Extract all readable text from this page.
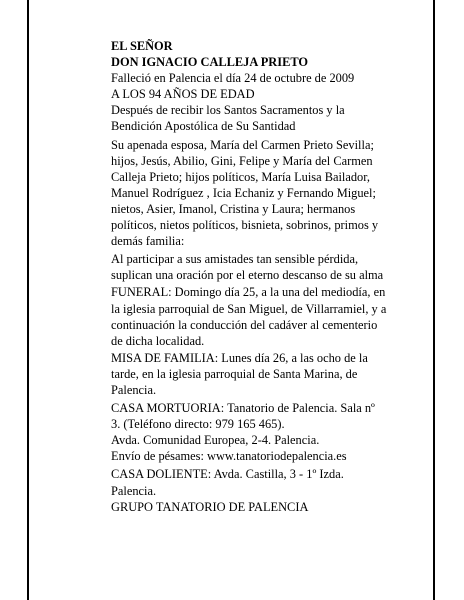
EL SEÑOR

DON IGNACIO CALLEJA PRIETO

Falleció en Palencia el día 24 de octubre de 2009

A LOS 94 AÑOS DE EDAD

Después de recibir los Santos Sacramentos y la

Bendición Apostólica de Su Santidad

Su apenada esposa, María del Carmen Prieto Sevilla;

hijos, Jesús, Abilio, Gini, Felipe y María del Carmen

Calleja Prieto; hijos políticos, María Luisa Bailador,

Manuel Rodríguez , Icia Echaniz y Fernando Miguel;

nietos, Asier, Imanol, Cristina y Laura; hermanos

políticos, nietos políticos, bisnieta, sobrinos, primos y

demás familia:

Al participar a sus amistades tan sensible pérdida,

suplican una oración por el eterno descanso de su alma

FUNERAL: Domingo día 25, a la una del mediodía, en

la iglesia parroquial de San Miguel, de Villarramiel, y a

continuación la conducción del cadáver al cementerio

de dicha localidad.

MISA DE FAMILIA: Lunes día 26, a las ocho de la

tarde, en la iglesia parroquial de Santa Marina, de

Palencia.

CASA MORTUORIA: Tanatorio de Palencia. Sala nº

3. (Teléfono directo: 979 165 465).

Avda. Comunidad Europea, 2-4. Palencia.

Envío de pésames: www.tanatoriodepalencia.es

CASA DOLIENTE: Avda. Castilla, 3 - 1º Izda.

Palencia.

GRUPO TANATORIO DE PALENCIA
